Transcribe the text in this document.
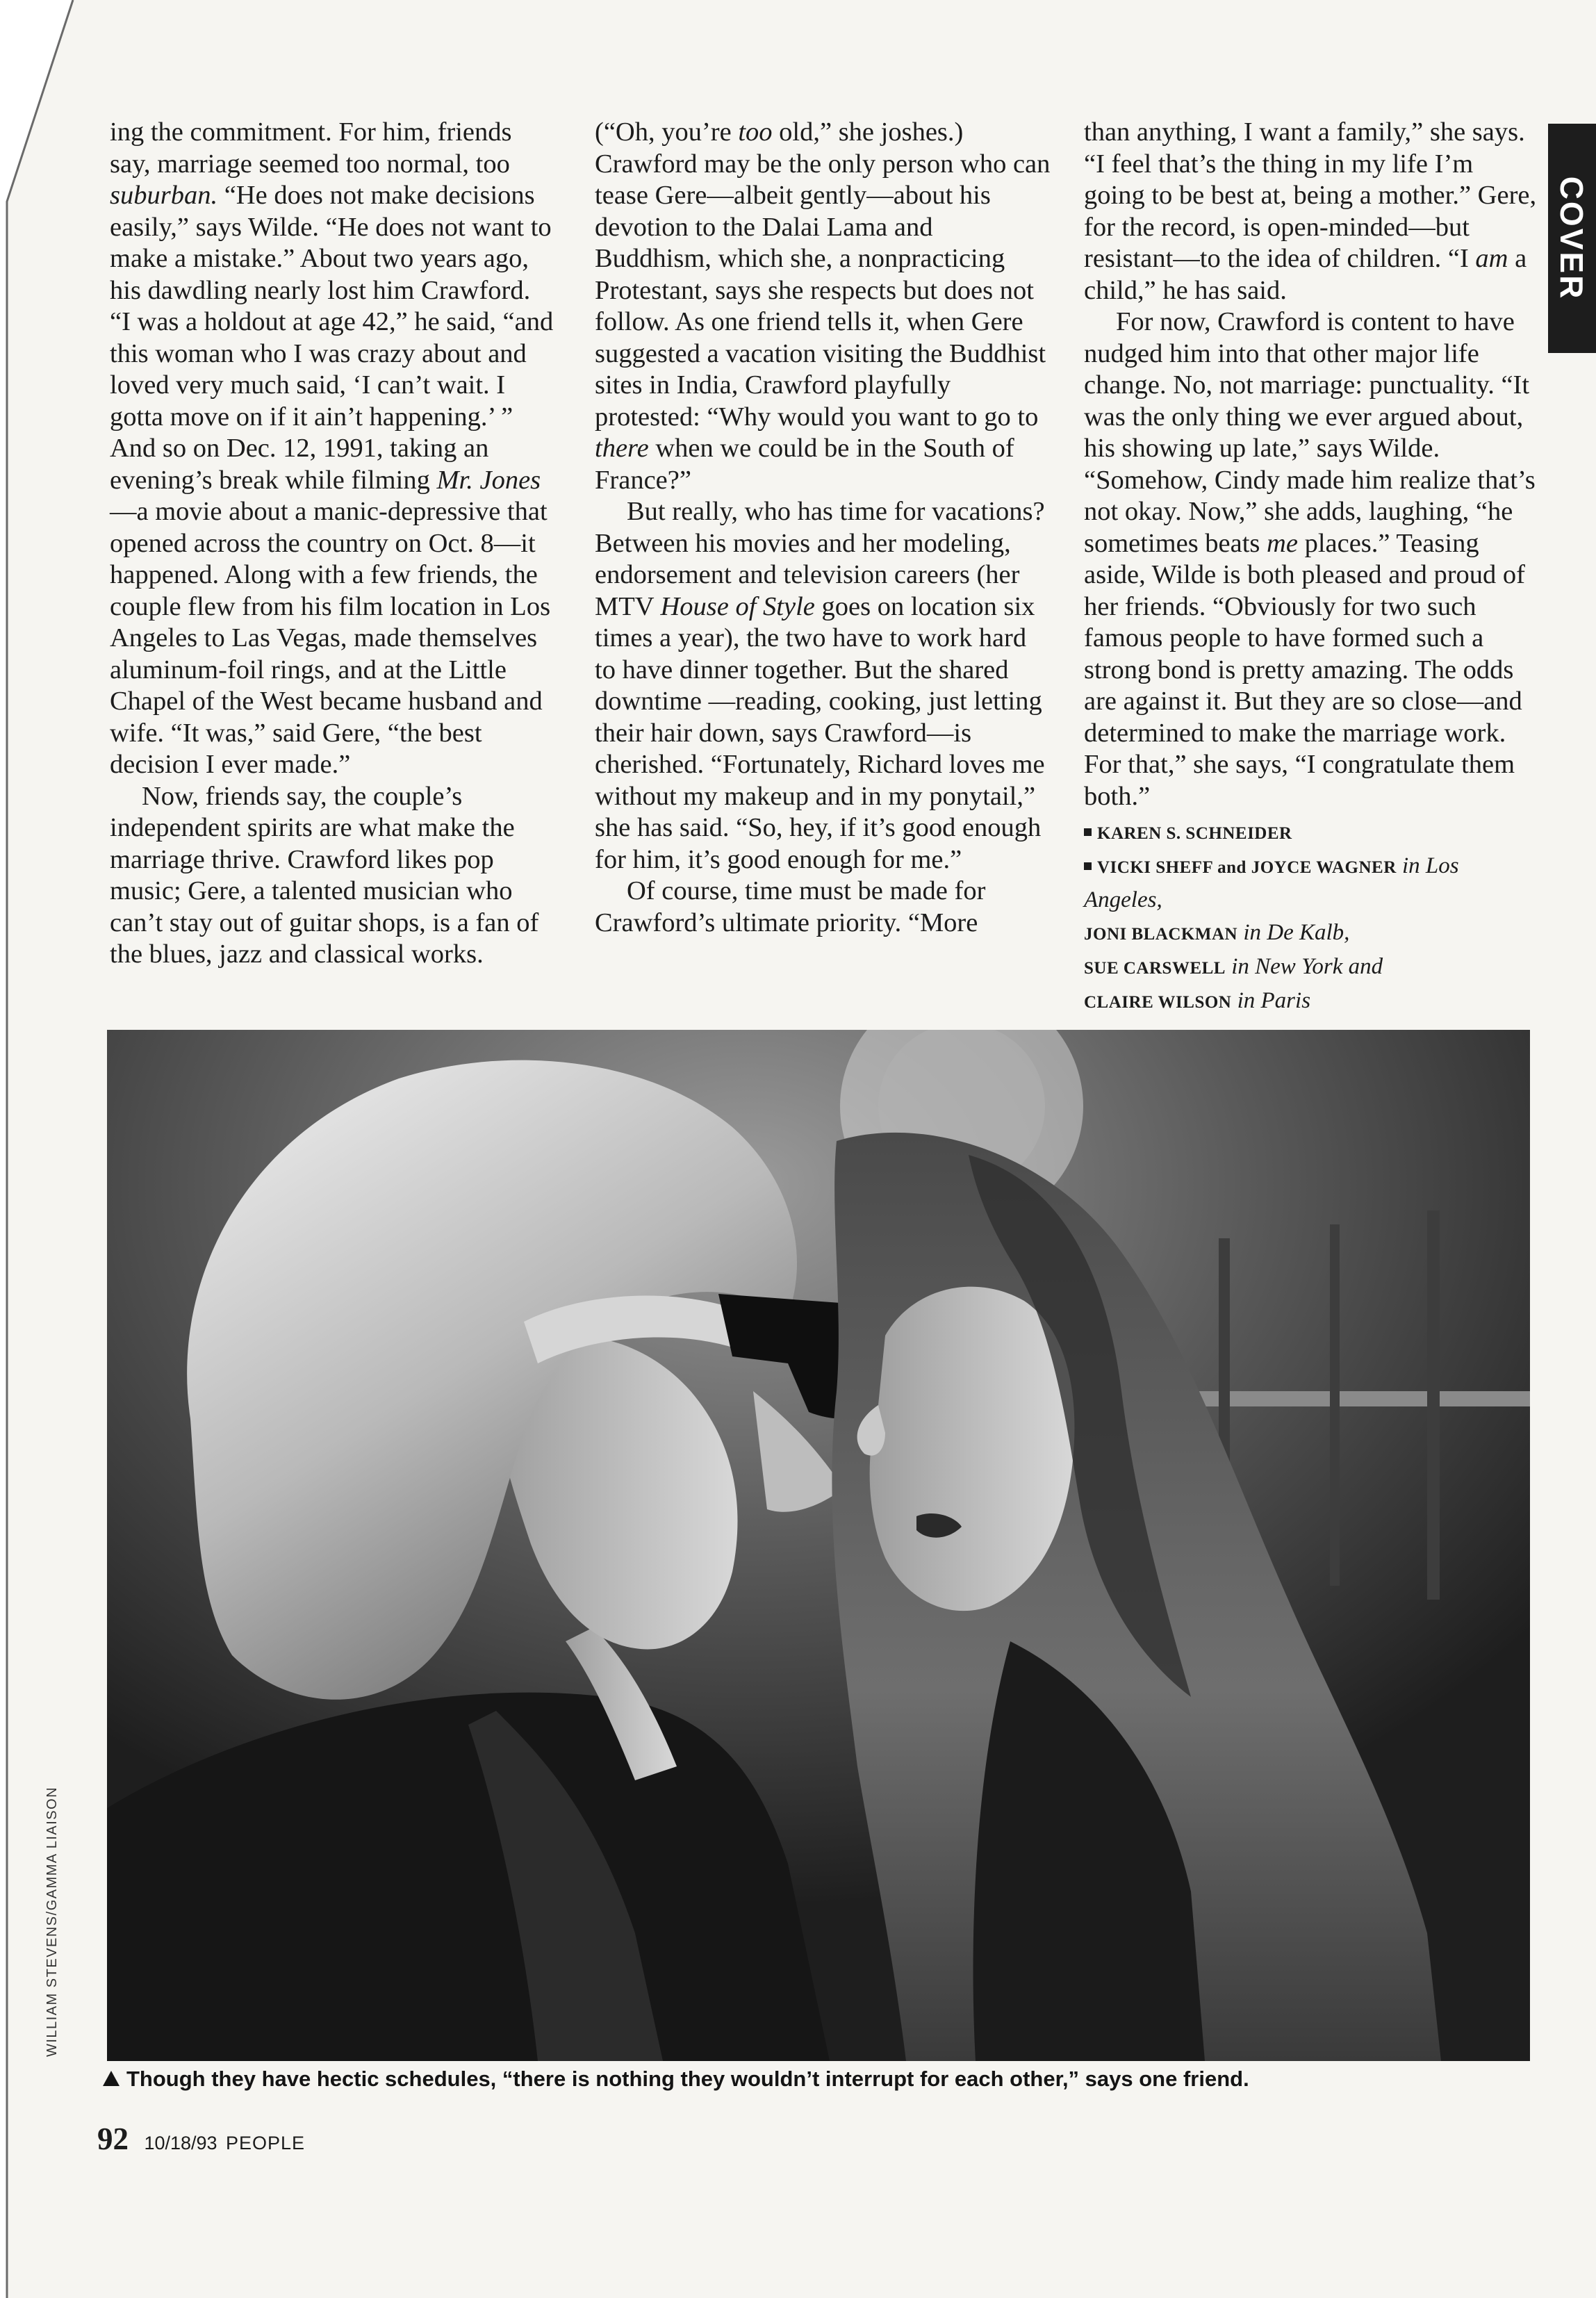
ing the commitment. For him, friends say, marriage seemed too normal, too suburban. “He does not make decisions easily,” says Wilde. “He does not want to make a mistake.” About two years ago, his dawdling nearly lost him Crawford. “I was a holdout at age 42,” he said, “and this woman who I was crazy about and loved very much said, ‘I can’t wait. I gotta move on if it ain’t happening.’ ” And so on Dec. 12, 1991, taking an evening’s break while filming Mr. Jones—a movie about a manic-depressive that opened across the country on Oct. 8—it happened. Along with a few friends, the couple flew from his film location in Los Angeles to Las Vegas, made themselves aluminum-foil rings, and at the Little Chapel of the West became husband and wife. “It was,” said Gere, “the best decision I ever made.”

Now, friends say, the couple’s independent spirits are what make the marriage thrive. Crawford likes pop music; Gere, a talented musician who can’t stay out of guitar shops, is a fan of the blues, jazz and classical works.

(“Oh, you’re too old,” she joshes.) Crawford may be the only person who can tease Gere—albeit gently—about his devotion to the Dalai Lama and Buddhism, which she, a nonpracticing Protestant, says she respects but does not follow. As one friend tells it, when Gere suggested a vacation visiting the Buddhist sites in India, Crawford playfully protested: “Why would you want to go to there when we could be in the South of France?”

But really, who has time for vacations? Between his movies and her modeling, endorsement and television careers (her MTV House of Style goes on location six times a year), the two have to work hard to have dinner together. But the shared downtime —reading, cooking, just letting their hair down, says Crawford—is cherished. “Fortunately, Richard loves me without my makeup and in my ponytail,” she has said. “So, hey, if it’s good enough for him, it’s good enough for me.”

Of course, time must be made for Crawford’s ultimate priority. “More

than anything, I want a family,” she says. “I feel that’s the thing in my life I’m going to be best at, being a mother.” Gere, for the record, is open-minded—but resistant—to the idea of children. “I am a child,” he has said.

For now, Crawford is content to have nudged him into that other major life change. No, not marriage: punctuality. “It was the only thing we ever argued about, his showing up late,” says Wilde. “Somehow, Cindy made him realize that’s not okay. Now,” she adds, laughing, “he sometimes beats me places.” Teasing aside, Wilde is both pleased and proud of her friends. “Obviously for two such famous people to have formed such a strong bond is pretty amazing. The odds are against it. But they are so close—and determined to make the marriage work. For that,” she says, “I congratulate them both.”

KAREN S. SCHNEIDER

VICKI SHEFF and JOYCE WAGNER in Los Angeles,

JONI BLACKMAN in De Kalb,

SUE CARSWELL in New York and

CLAIRE WILSON in Paris

COVER
WILLIAM STEVENS/GAMMA LIAISON
Though they have hectic schedules, “there is nothing they wouldn’t interrupt for each other,” says one friend.
92 10/18/93 PEOPLE
